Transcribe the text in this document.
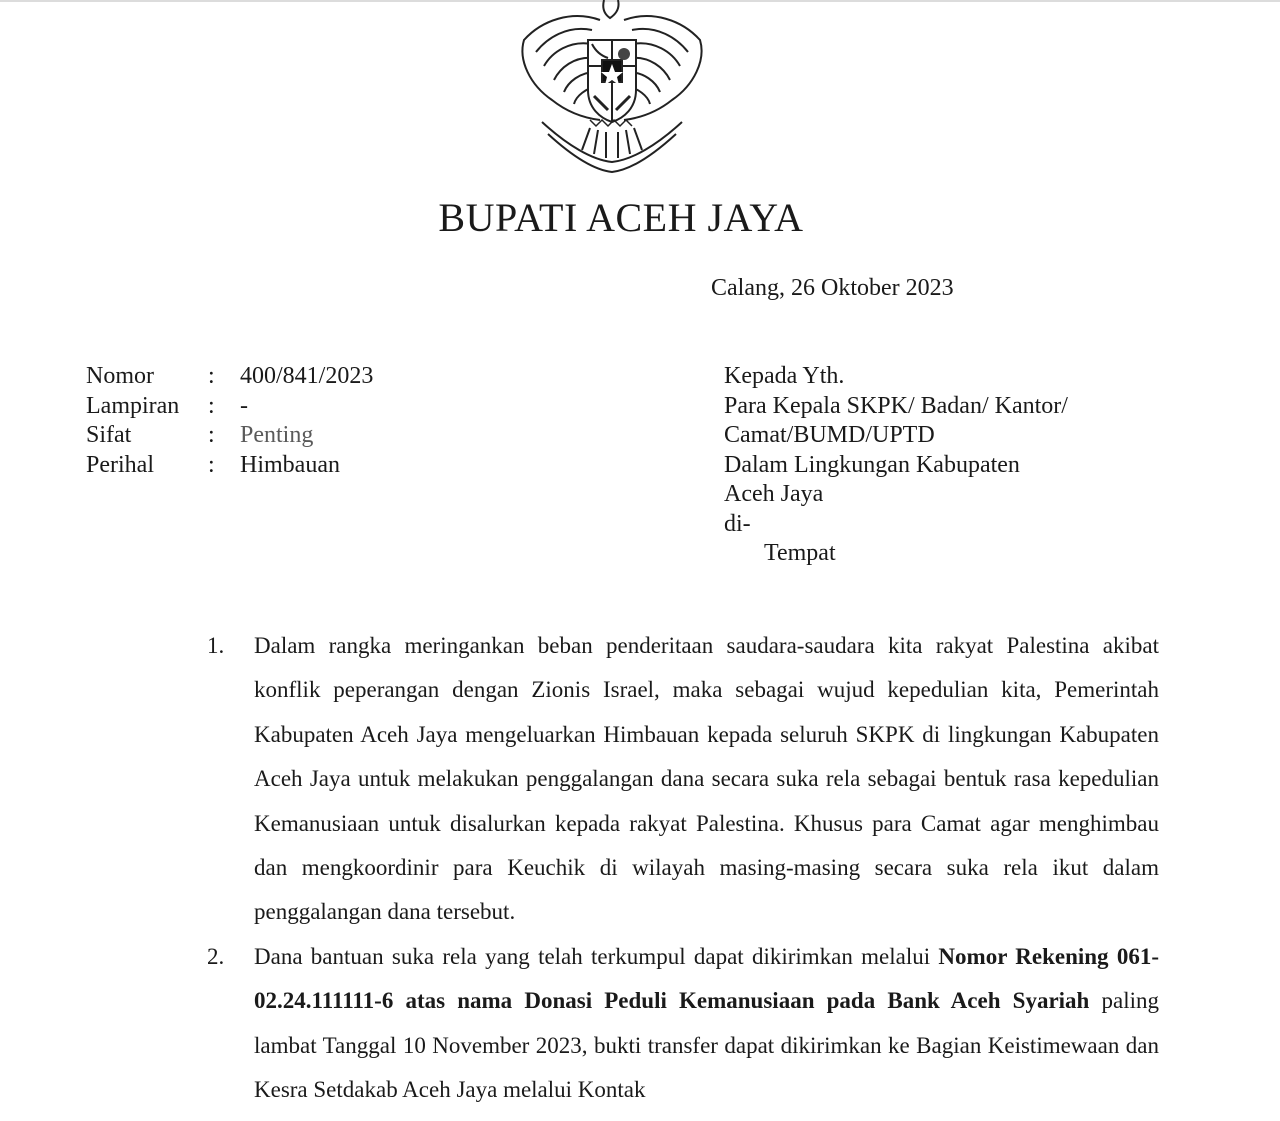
BUPATI ACEH JAYA
Calang, 26 Oktober 2023
Nomor	:	400/841/2023
Lampiran	:	-
Sifat	:	Penting
Perihal	:	Himbauan
Kepada Yth.
Para Kepala SKPK/ Badan/ Kantor/
Camat/BUMD/UPTD
Dalam Lingkungan Kabupaten
Aceh Jaya
di-
Tempat
1.	Dalam rangka meringankan beban penderitaan saudara-saudara kita rakyat Palestina akibat konflik peperangan dengan Zionis Israel, maka sebagai wujud kepedulian kita, Pemerintah Kabupaten Aceh Jaya mengeluarkan Himbauan kepada seluruh SKPK di lingkungan Kabupaten Aceh Jaya untuk melakukan penggalangan dana secara suka rela sebagai bentuk rasa kepedulian Kemanusiaan untuk disalurkan kepada rakyat Palestina. Khusus para Camat agar menghimbau dan mengkoordinir para Keuchik di wilayah masing-masing secara suka rela ikut dalam penggalangan dana tersebut.
2.	Dana bantuan suka rela yang telah terkumpul dapat dikirimkan melalui Nomor Rekening 061-02.24.111111-6 atas nama Donasi Peduli Kemanusiaan pada Bank Aceh Syariah paling lambat Tanggal 10 November 2023, bukti transfer dapat dikirimkan ke Bagian Keistimewaan dan Kesra Setdakab Aceh Jaya melalui Kontak
